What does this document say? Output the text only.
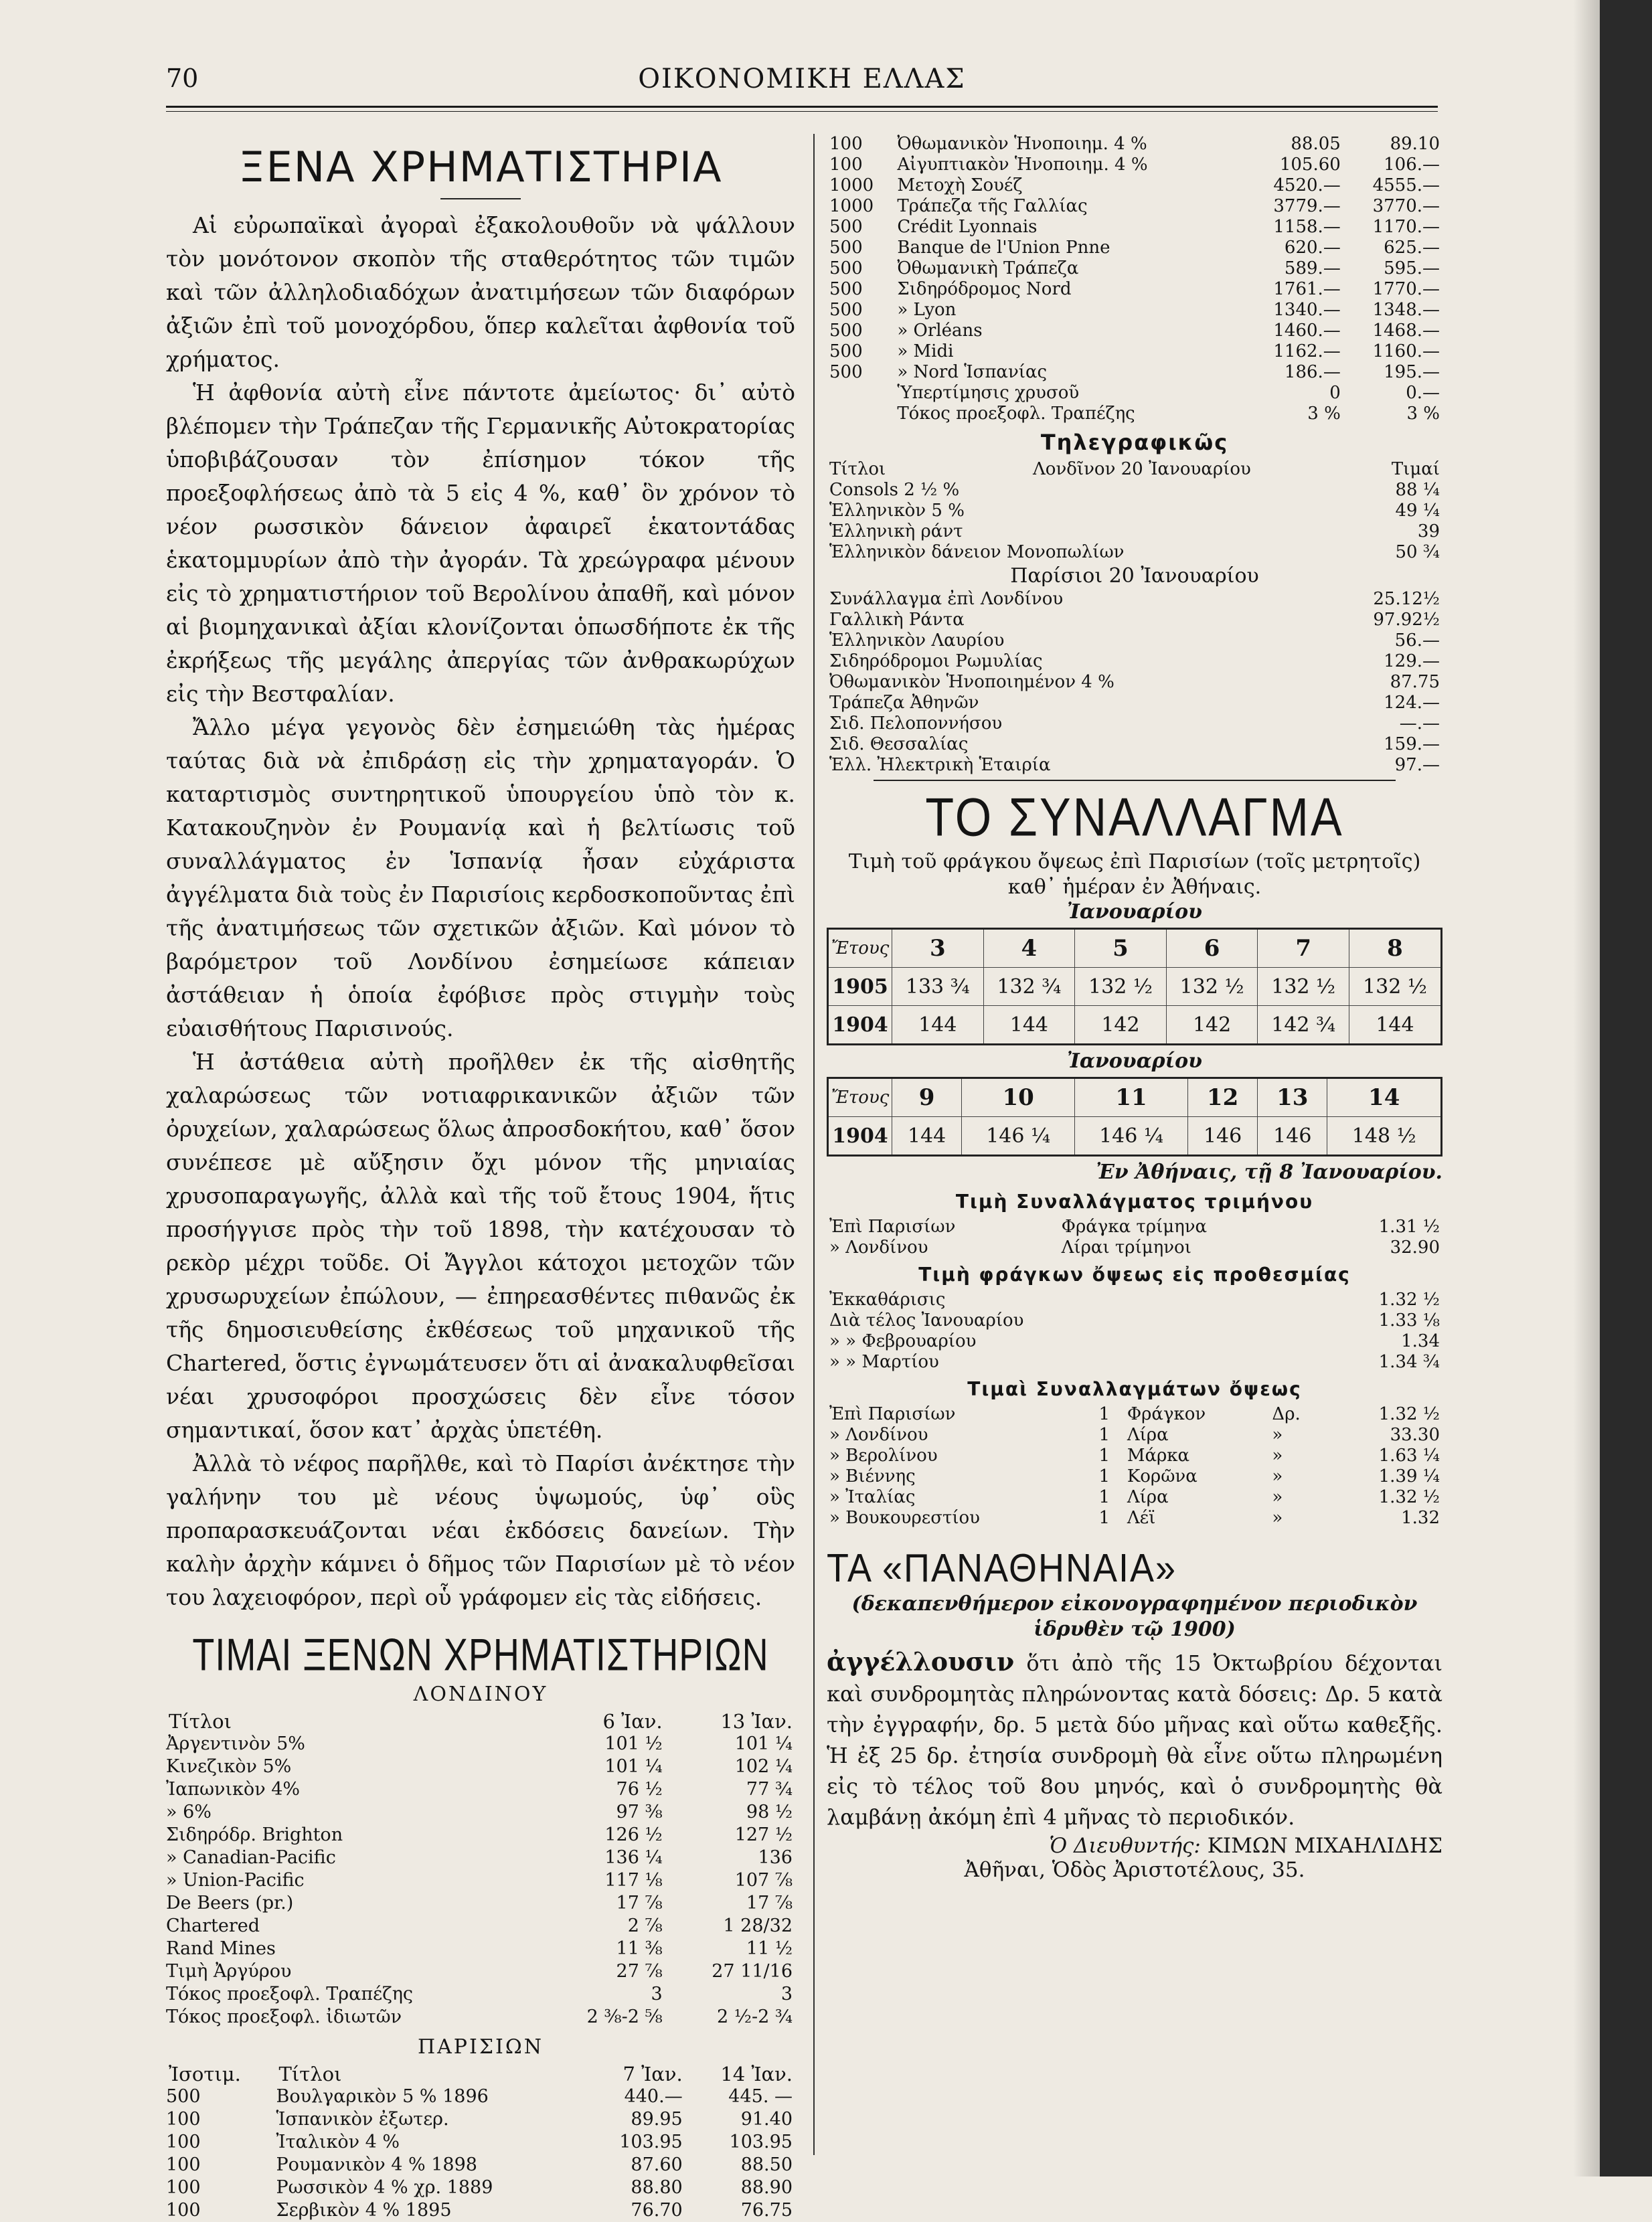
70	ΟΙΚΟΝΟΜΙΚΗ ΕΛΛΑΣ
ΞΕΝΑ ΧΡΗΜΑΤΙΣΤΗΡΙΑ

Αἱ εὐρωπαϊκαὶ ἀγοραὶ ἐξακολουθοῦν νὰ ψάλλουν τὸν μονότονον σκοπὸν τῆς σταθερότητος τῶν τιμῶν καὶ τῶν ἀλληλοδιαδόχων ἀνατιμήσεων τῶν διαφόρων ἀξιῶν ἐπὶ τοῦ μονοχόρδου, ὅπερ καλεῖται ἀφθονία τοῦ χρήματος.

Ἡ ἀφθονία αὐτὴ εἶνε πάντοτε ἀμείωτος· δι᾽ αὐτὸ βλέπομεν τὴν Τράπεζαν τῆς Γερμανικῆς Αὐτοκρατορίας ὑποβιβάζουσαν τὸν ἐπίσημον τόκον τῆς προεξοφλήσεως ἀπὸ τὰ 5 εἰς 4 %, καθ᾽ ὃν χρόνον τὸ νέον ρωσσικὸν δάνειον ἀφαιρεῖ ἑκατοντάδας ἑκατομμυρίων ἀπὸ τὴν ἀγοράν. Τὰ χρεώγραφα μένουν εἰς τὸ χρηματιστήριον τοῦ Βερολίνου ἀπαθῆ, καὶ μόνον αἱ βιομηχανικαὶ ἀξίαι κλονίζονται ὁπωσδήποτε ἐκ τῆς ἐκρήξεως τῆς μεγάλης ἀπεργίας τῶν ἀνθρακωρύχων εἰς τὴν Βεστφαλίαν.

Ἄλλο μέγα γεγονὸς δὲν ἐσημειώθη τὰς ἡμέρας ταύτας διὰ νὰ ἐπιδράσῃ εἰς τὴν χρηματαγοράν. Ὁ καταρτισμὸς συντηρητικοῦ ὑπουργείου ὑπὸ τὸν κ. Κατακουζηνὸν ἐν Ρουμανίᾳ καὶ ἡ βελτίωσις τοῦ συναλλάγματος ἐν Ἱσπανίᾳ ἦσαν εὐχάριστα ἀγγέλματα διὰ τοὺς ἐν Παρισίοις κερδοσκοποῦντας ἐπὶ τῆς ἀνατιμήσεως τῶν σχετικῶν ἀξιῶν. Καὶ μόνον τὸ βαρόμετρον τοῦ Λονδίνου ἐσημείωσε κάπειαν ἀστάθειαν ἡ ὁποία ἐφόβισε πρὸς στιγμὴν τοὺς εὐαισθήτους Παρισινούς.

Ἡ ἀστάθεια αὐτὴ προῆλθεν ἐκ τῆς αἰσθητῆς χαλαρώσεως τῶν νοτιαφρικανικῶν ἀξιῶν τῶν ὀρυχείων, χαλαρώσεως ὅλως ἀπροσδοκήτου, καθ᾽ ὅσον συνέπεσε μὲ αὔξησιν ὄχι μόνον τῆς μηνιαίας χρυσοπαραγωγῆς, ἀλλὰ καὶ τῆς τοῦ ἔτους 1904, ἥτις προσήγγισε πρὸς τὴν τοῦ 1898, τὴν κατέχουσαν τὸ ρεκὸρ μέχρι τοῦδε. Οἱ Ἄγγλοι κάτοχοι μετοχῶν τῶν χρυσωρυχείων ἐπώλουν, — ἐπηρεασθέντες πιθανῶς ἐκ τῆς δημοσιευθείσης ἐκθέσεως τοῦ μηχανικοῦ τῆς Chartered, ὅστις ἐγνωμάτευσεν ὅτι αἱ ἀνακαλυφθεῖσαι νέαι χρυσοφόροι προσχώσεις δὲν εἶνε τόσον σημαντικαί, ὅσον κατ᾽ ἀρχὰς ὑπετέθη.

Ἀλλὰ τὸ νέφος παρῆλθε, καὶ τὸ Παρίσι ἀνέκτησε τὴν γαλήνην του μὲ νέους ὑψωμούς, ὑφ᾽ οὓς προπαρασκευάζονται νέαι ἐκδόσεις δανείων. Τὴν καλὴν ἀρχὴν κάμνει ὁ δῆμος τῶν Παρισίων μὲ τὸ νέον του λαχειοφόρον, περὶ οὗ γράφομεν εἰς τὰς εἰδήσεις.

ΤΙΜΑΙ ΞΕΝΩΝ ΧΡΗΜΑΤΙΣΤΗΡΙΩΝ
ΛΟΝΔΙΝΟΥ
Τίτλοι	6 Ἰαν.	13 Ἰαν.
Ἀργεντινὸν 5%	101 ½	101 ¼
Κινεζικὸν 5%	101 ¼	102 ¼
Ἰαπωνικὸν 4%	76 ½	77 ¾
» 6%	97 ⅜	98 ½
Σιδηρόδρ. Brighton	126 ½	127 ½
» Canadian-Pacific	136 ¼	136
» Union-Pacific	117 ⅛	107 ⅞
De Beers (pr.)	17 ⅞	17 ⅞
Chartered	2 ⅞	1 28/32
Rand Mines	11 ⅜	11 ½
Τιμὴ Ἀργύρου	27 ⅞	27 11/16
Τόκος προεξοφλ. Τραπέζης	3	3
Τόκος προεξοφλ. ἰδιωτῶν	2 ⅜-2 ⅝	2 ½-2 ¾
ΠΑΡΙΣΙΩΝ
Ἰσοτιμ.	Τίτλοι	7 Ἰαν.	14 Ἰαν.
500	Βουλγαρικὸν 5 % 1896	440.—	445. —
100	Ἱσπανικὸν ἐξωτερ.	89.95	91.40
100	Ἰταλικὸν 4 %	103.95	103.95
100	Ρουμανικὸν 4 % 1898	87.60	88.50
100	Ρωσσικὸν 4 % χρ. 1889	88.80	88.90
100	Σερβικὸν 4 % 1895	76.70	76.75
100	Ὀθωμανικὸν Ἡνοποιημ. 4 %	88.05	89.10
100	Αἰγυπτιακὸν Ἡνοποιημ. 4 %	105.60	106.—
1000	Μετοχὴ Σουέζ	4520.—	4555.—
1000	Τράπεζα τῆς Γαλλίας	3779.—	3770.—
500	Crédit Lyonnais	1158.—	1170.—
500	Banque de l'Union Pnne	620.—	625.—
500	Ὀθωμανικὴ Τράπεζα	589.—	595.—
500	Σιδηρόδρομος Nord	1761.—	1770.—
500	» Lyon	1340.—	1348.—
500	» Orléans	1460.—	1468.—
500	» Midi	1162.—	1160.—
500	» Nord Ἱσπανίας	186.—	195.—
	Ὑπερτίμησις χρυσοῦ	0	0.—
	Τόκος προεξοφλ. Τραπέζης	3 %	3 %
Τηλεγραφικῶς
Τίτλοι	Λονδῖνον 20 Ἰανουαρίου	Τιμαί
Consols 2 ½ %	88 ¼
Ἑλληνικὸν 5 %	49 ¼
Ἑλληνικὴ ράντ	39
Ἑλληνικὸν δάνειον Μονοπωλίων	50 ¾
Παρίσιοι 20 Ἰανουαρίου
Συνάλλαγμα ἐπὶ Λονδίνου	25.12½
Γαλλικὴ Ράντα	97.92½
Ἑλληνικὸν Λαυρίου	56.—
Σιδηρόδρομοι Ρωμυλίας	129.—
Ὀθωμανικὸν Ἡνοποιημένον 4 %	87.75
Τράπεζα Ἀθηνῶν	124.—
Σιδ. Πελοποννήσου	—.—
Σιδ. Θεσσαλίας	159.—
Ἑλλ. Ἠλεκτρικὴ Ἑταιρία	97.—
ΤΟ ΣΥΝΑΛΛΑΓΜΑ

Τιμὴ τοῦ φράγκου ὄψεως ἐπὶ Παρισίων (τοῖς μετρητοῖς)

καθ᾽ ἡμέραν ἐν Ἀθήναις.

Ἰανουαρίου
Ἔτους	3	4	5	6	7	8
1905	133 ¾	132 ¾	132 ½	132 ½	132 ½	132 ½
1904	144	144	142	142	142 ¾	144
Ἰανουαρίου
Ἔτους	9	10	11	12	13	14
1904	144	146 ¼	146 ¼	146	146	148 ½
Ἐν Ἀθήναις, τῇ 8 Ἰανουαρίου.
Τιμὴ Συναλλάγματος τριμήνου
Ἐπὶ Παρισίων	Φράγκα τρίμηνα	1.31 ½
» Λονδίνου	Λίραι τρίμηνοι	32.90
Τιμὴ φράγκων ὄψεως εἰς προθεσμίας
Ἐκκαθάρισις	1.32 ½
Διὰ τέλος Ἰανουαρίου	1.33 ⅛
» » Φεβρουαρίου	1.34
» » Μαρτίου	1.34 ¾
Τιμαὶ Συναλλαγμάτων ὄψεως
Ἐπὶ Παρισίων	1	Φράγκον	Δρ.	1.32 ½
» Λονδίνου	1	Λίρα	»	33.30
» Βερολίνου	1	Μάρκα	»	1.63 ¼
» Βιέννης	1	Κορῶνα	»	1.39 ¼
» Ἰταλίας	1	Λίρα	»	1.32 ½
» Βουκουρεστίου	1	Λέϊ	»	1.32
ΤΑ «ΠΑΝΑΘΗΝΑΙΑ»

(δεκαπενθήμερον εἰκονογραφημένον περιοδικὸν

ἱδρυθὲν τῷ 1900)

ἀγγέλλουσιν ὅτι ἀπὸ τῆς 15 Ὀκτωβρίου δέχονται καὶ συνδρομητὰς πληρώνοντας κατὰ δόσεις: Δρ. 5 κατὰ τὴν ἐγγραφήν, δρ. 5 μετὰ δύο μῆνας καὶ οὕτω καθεξῆς. Ἡ ἐξ 25 δρ. ἐτησία συνδρομὴ θὰ εἶνε οὕτω πληρωμένη εἰς τὸ τέλος τοῦ 8ου μηνός, καὶ ὁ συνδρομητὴς θὰ λαμβάνῃ ἀκόμη ἐπὶ 4 μῆνας τὸ περιοδικόν.

Ὁ Διευθυντής: ΚΙΜΩΝ ΜΙΧΑΗΛΙΔΗΣ

Ἀθῆναι, Ὁδὸς Ἀριστοτέλους, 35.
